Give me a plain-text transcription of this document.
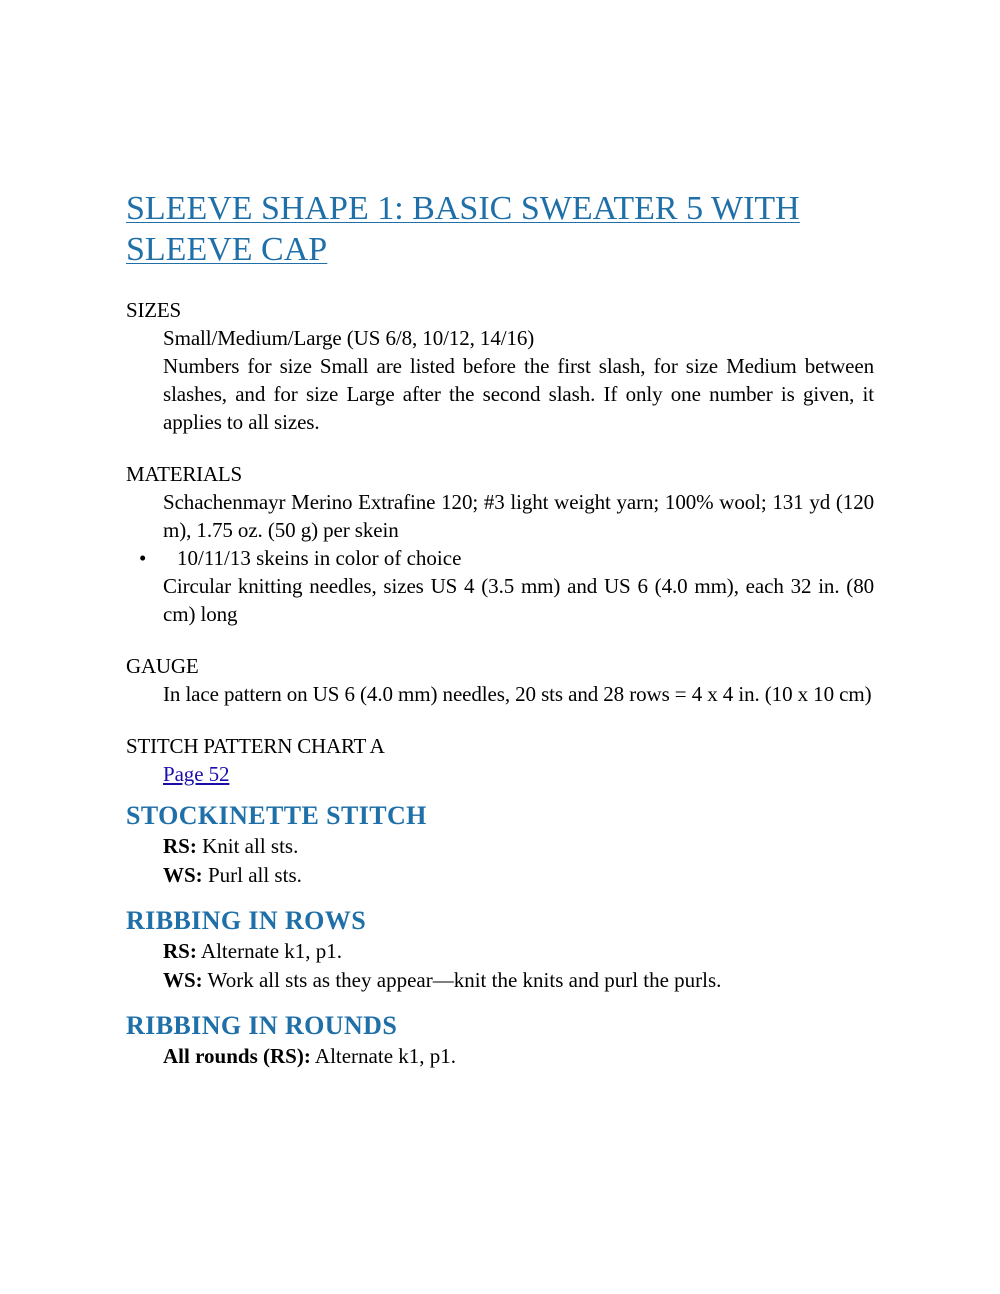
SLEEVE SHAPE 1: BASIC SWEATER 5 WITH SLEEVE CAP

SIZES

Small/Medium/Large (US 6/8, 10/12, 14/16)

Numbers for size Small are listed before the first slash, for size Medium between slashes, and for size Large after the second slash. If only one number is given, it applies to all sizes.

MATERIALS

Schachenmayr Merino Extrafine 120; #3 light weight yarn; 100% wool; 131 yd (120 m), 1.75 oz. (50 g) per skein

•	10/11/13 skeins in color of choice

Circular knitting needles, sizes US 4 (3.5 mm) and US 6 (4.0 mm), each 32 in. (80 cm) long

GAUGE

In lace pattern on US 6 (4.0 mm) needles, 20 sts and 28 rows = 4 x 4 in. (10 x 10 cm)

STITCH PATTERN CHART A

Page 52

STOCKINETTE STITCH

RS: Knit all sts.

WS: Purl all sts.

RIBBING IN ROWS

RS: Alternate k1, p1.

WS: Work all sts as they appear—knit the knits and purl the purls.

RIBBING IN ROUNDS

All rounds (RS): Alternate k1, p1.
